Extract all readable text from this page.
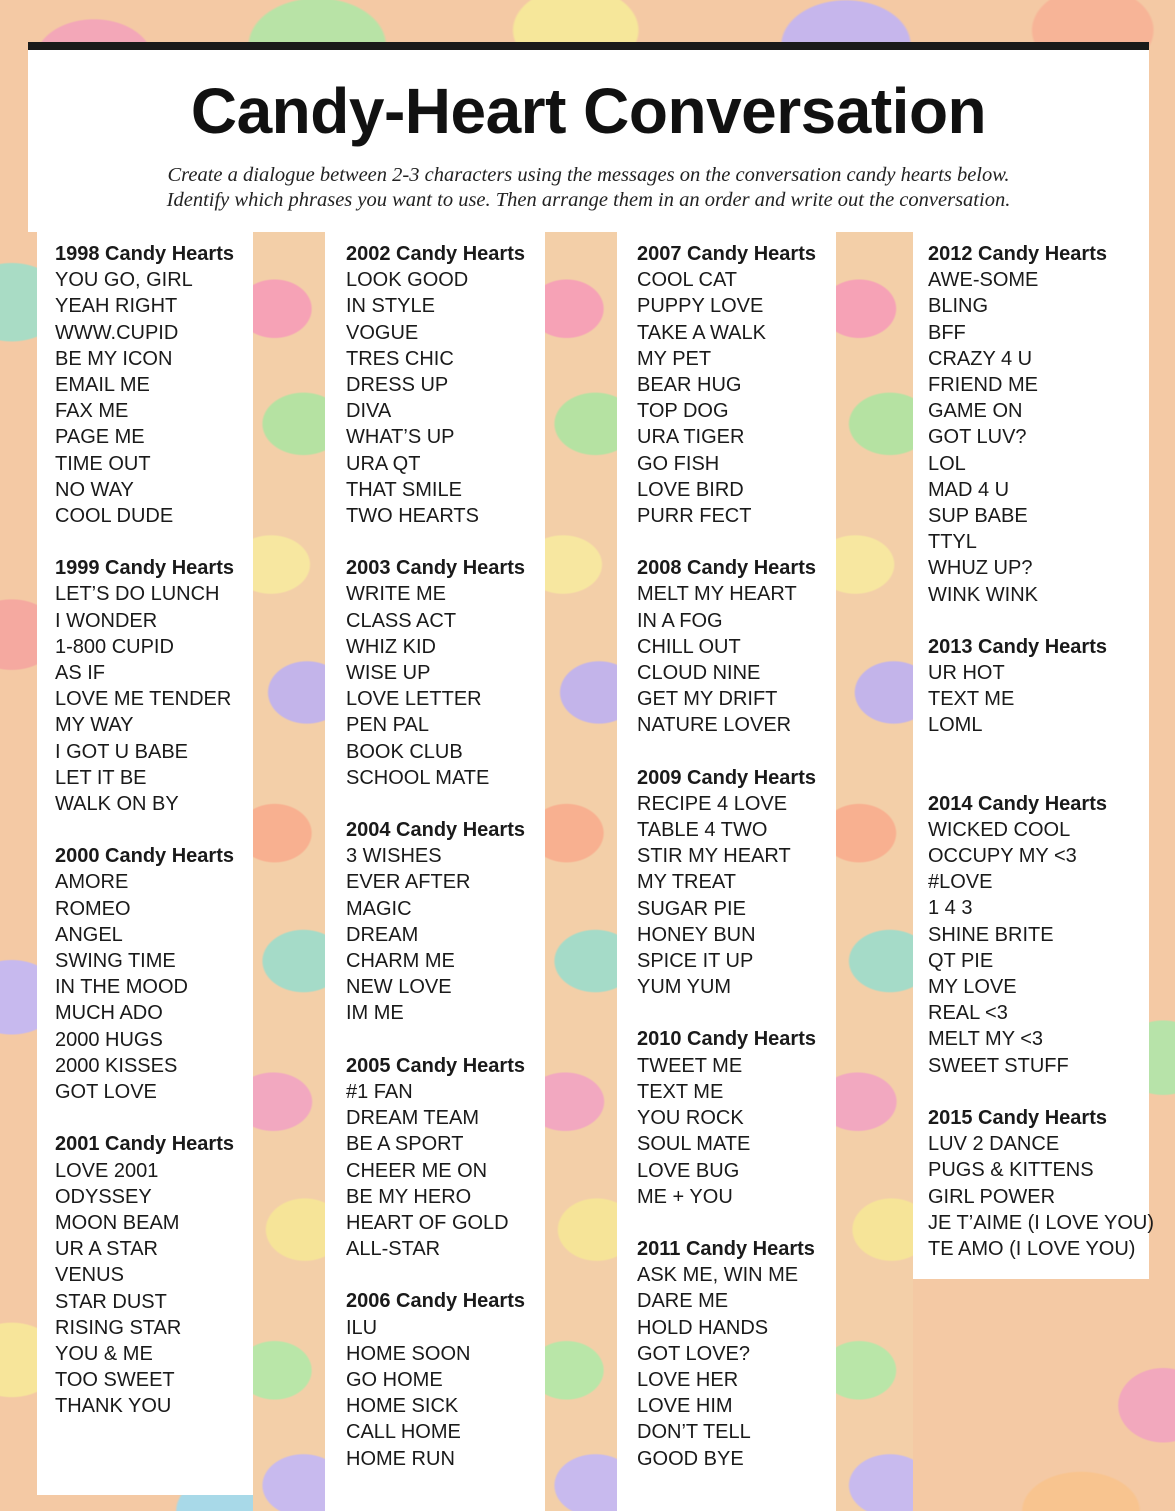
Candy-Heart Conversation
Create a dialogue between 2-3 characters using the messages on the conversation candy hearts below.
Identify which phrases you want to use. Then arrange them in an order and write out the conversation.
1998 Candy Hearts
YOU GO, GIRL
YEAH RIGHT
WWW.CUPID
BE MY ICON
EMAIL ME
FAX ME
PAGE ME
TIME OUT
NO WAY
COOL DUDE
1999 Candy Hearts
LET’S DO LUNCH
I WONDER
1-800 CUPID
AS IF
LOVE ME TENDER
MY WAY
I GOT U BABE
LET IT BE
WALK ON BY
2000 Candy Hearts
AMORE
ROMEO
ANGEL
SWING TIME
IN THE MOOD
MUCH ADO
2000 HUGS
2000 KISSES
GOT LOVE
2001 Candy Hearts
LOVE 2001
ODYSSEY
MOON BEAM
UR A STAR
VENUS
STAR DUST
RISING STAR
YOU & ME
TOO SWEET
THANK YOU
2002 Candy Hearts
LOOK GOOD
IN STYLE
VOGUE
TRES CHIC
DRESS UP
DIVA
WHAT’S UP
URA QT
THAT SMILE
TWO HEARTS
2003 Candy Hearts
WRITE ME
CLASS ACT
WHIZ KID
WISE UP
LOVE LETTER
PEN PAL
BOOK CLUB
SCHOOL MATE
2004 Candy Hearts
3 WISHES
EVER AFTER
MAGIC
DREAM
CHARM ME
NEW LOVE
IM ME
2005 Candy Hearts
#1 FAN
DREAM TEAM
BE A SPORT
CHEER ME ON
BE MY HERO
HEART OF GOLD
ALL-STAR
2006 Candy Hearts
ILU
HOME SOON
GO HOME
HOME SICK
CALL HOME
HOME RUN
2007 Candy Hearts
COOL CAT
PUPPY LOVE
TAKE A WALK
MY PET
BEAR HUG
TOP DOG
URA TIGER
GO FISH
LOVE BIRD
PURR FECT
2008 Candy Hearts
MELT MY HEART
IN A FOG
CHILL OUT
CLOUD NINE
GET MY DRIFT
NATURE LOVER
2009 Candy Hearts
RECIPE 4 LOVE
TABLE 4 TWO
STIR MY HEART
MY TREAT
SUGAR PIE
HONEY BUN
SPICE IT UP
YUM YUM
2010 Candy Hearts
TWEET ME
TEXT ME
YOU ROCK
SOUL MATE
LOVE BUG
ME + YOU
2011 Candy Hearts
ASK ME, WIN ME
DARE ME
HOLD HANDS
GOT LOVE?
LOVE HER
LOVE HIM
DON’T TELL
GOOD BYE
2012 Candy Hearts
AWE-SOME
BLING
BFF
CRAZY 4 U
FRIEND ME
GAME ON
GOT LUV?
LOL
MAD 4 U
SUP BABE
TTYL
WHUZ UP?
WINK WINK
2013 Candy Hearts
UR HOT
TEXT ME
LOML
2014 Candy Hearts
WICKED COOL
OCCUPY MY <3
#LOVE
1 4 3
SHINE BRITE
QT PIE
MY LOVE
REAL <3
MELT MY <3
SWEET STUFF
2015 Candy Hearts
LUV 2 DANCE
PUGS & KITTENS
GIRL POWER
JE T’AIME (I LOVE YOU)
TE AMO (I LOVE YOU)
